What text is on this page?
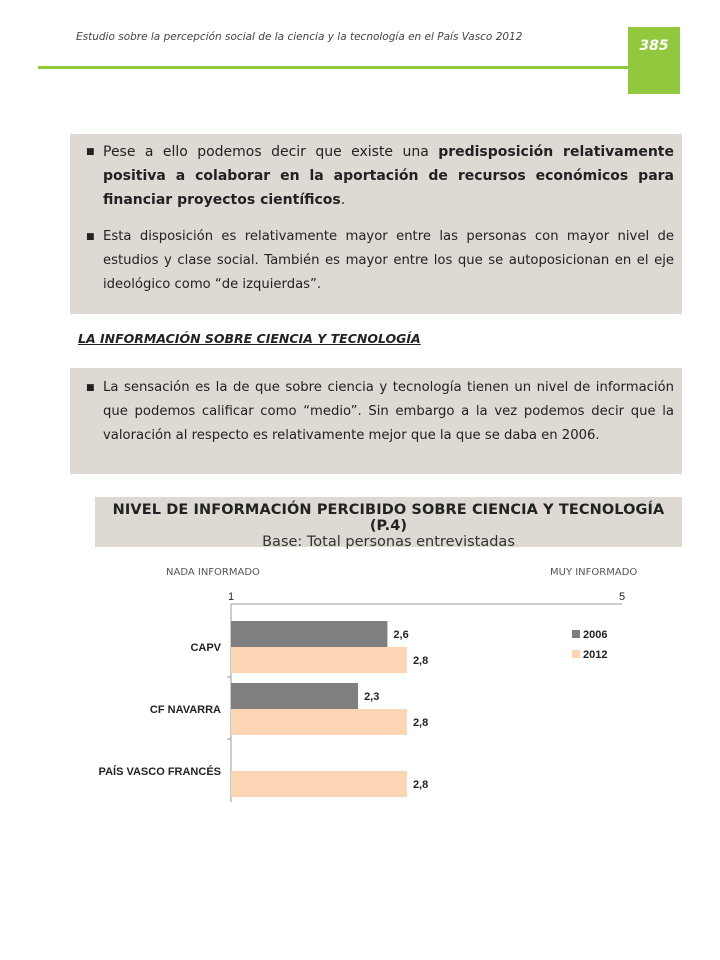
Estudio sobre la percepción social de la ciencia y la tecnología en el País Vasco 2012
385
■ Pese a ello podemos decir que existe una predisposición relativamente positiva a colaborar en la aportación de recursos económicos para financiar proyectos científicos.
■ Esta disposición es relativamente mayor entre las personas con mayor nivel de estudios y clase social. También es mayor entre los que se autoposicionan en el eje ideológico como “de izquierdas”.
LA INFORMACIÓN SOBRE CIENCIA Y TECNOLOGÍA
■ La sensación es la de que sobre ciencia y tecnología tienen un nivel de información que podemos calificar como “medio”. Sin embargo a la vez podemos decir que la valoración al respecto es relativamente mejor que la que se daba en 2006.
NIVEL DE INFORMACIÓN PERCIBIDO SOBRE CIENCIA Y TECNOLOGÍA (P.4)
Base: Total personas entrevistadas
NADA INFORMADO	MUY INFORMADO
1	5
CAPV
2,6
2,8
CF NAVARRA
2,3
2,8
PAÍS VASCO FRANCÉS
2,8
2006
2012
